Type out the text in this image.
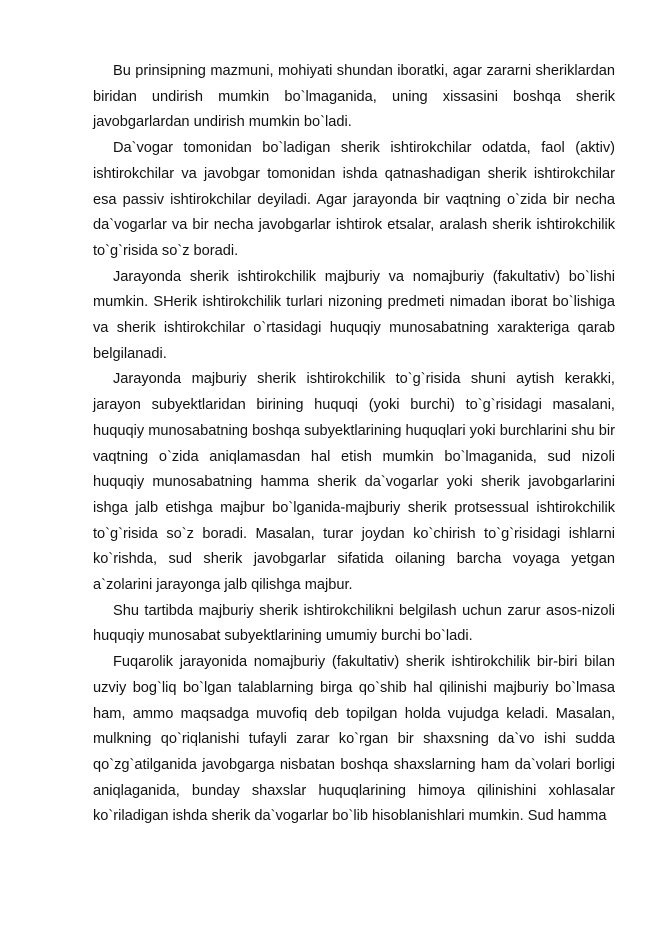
Bu prinsipning mazmuni, mohiyati shundan iboratki, agar zararni sheriklardan biridan undirish mumkin bo`lmaganida, uning xissasini boshqa sherik javobgarlardan undirish mumkin bo`ladi.

Da`vogar tomonidan bo`ladigan sherik ishtirokchilar odatda, faol (aktiv) ishtirokchilar va javobgar tomonidan ishda qatnashadigan sherik ishtirokchilar esa passiv ishtirokchilar deyiladi. Agar jarayonda bir vaqtning o`zida bir necha da`vogarlar va bir necha javobgarlar ishtirok etsalar, aralash sherik ishtirokchilik to`g`risida so`z boradi.

Jarayonda sherik ishtirokchilik majburiy va nomajburiy (fakultativ) bo`lishi mumkin. SHerik ishtirokchilik turlari nizoning predmeti nimadan iborat bo`lishiga va sherik ishtirokchilar o`rtasidagi huquqiy munosabatning xarakteriga qarab belgilanadi.

Jarayonda majburiy sherik ishtirokchilik to`g`risida shuni aytish kerakki, jarayon subyektlaridan birining huquqi (yoki burchi) to`g`risidagi masalani, huquqiy munosabatning boshqa subyektlarining huquqlari yoki burchlarini shu bir vaqtning o`zida aniqlamasdan hal etish mumkin bo`lmaganida, sud nizoli huquqiy munosabatning hamma sherik da`vogarlar yoki sherik javobgarlarini ishga jalb etishga majbur bo`lganida-majburiy sherik protsessual ishtirokchilik to`g`risida so`z boradi. Masalan, turar joydan ko`chirish to`g`risidagi ishlarni ko`rishda, sud sherik javobgarlar sifatida oilaning barcha voyaga yetgan a`zolarini jarayonga jalb qilishga majbur.

Shu tartibda majburiy sherik ishtirokchilikni belgilash uchun zarur asos-nizoli huquqiy munosabat subyektlarining umumiy burchi bo`ladi.

Fuqarolik jarayonida nomajburiy (fakultativ) sherik ishtirokchilik bir-biri bilan uzviy bog`liq bo`lgan talablarning birga qo`shib hal qilinishi majburiy bo`lmasa ham, ammo maqsadga muvofiq deb topilgan holda vujudga keladi. Masalan, mulkning qo`riqlanishi tufayli zarar ko`rgan bir shaxsning da`vo ishi sudda qo`zg`atilganida javobgarga nisbatan boshqa shaxslarning ham da`volari borligi aniqlaganida, bunday shaxslar huquqlarining himoya qilinishini xohlasalar ko`riladigan ishda sherik da`vogarlar bo`lib hisoblanishlari mumkin. Sud hamma
